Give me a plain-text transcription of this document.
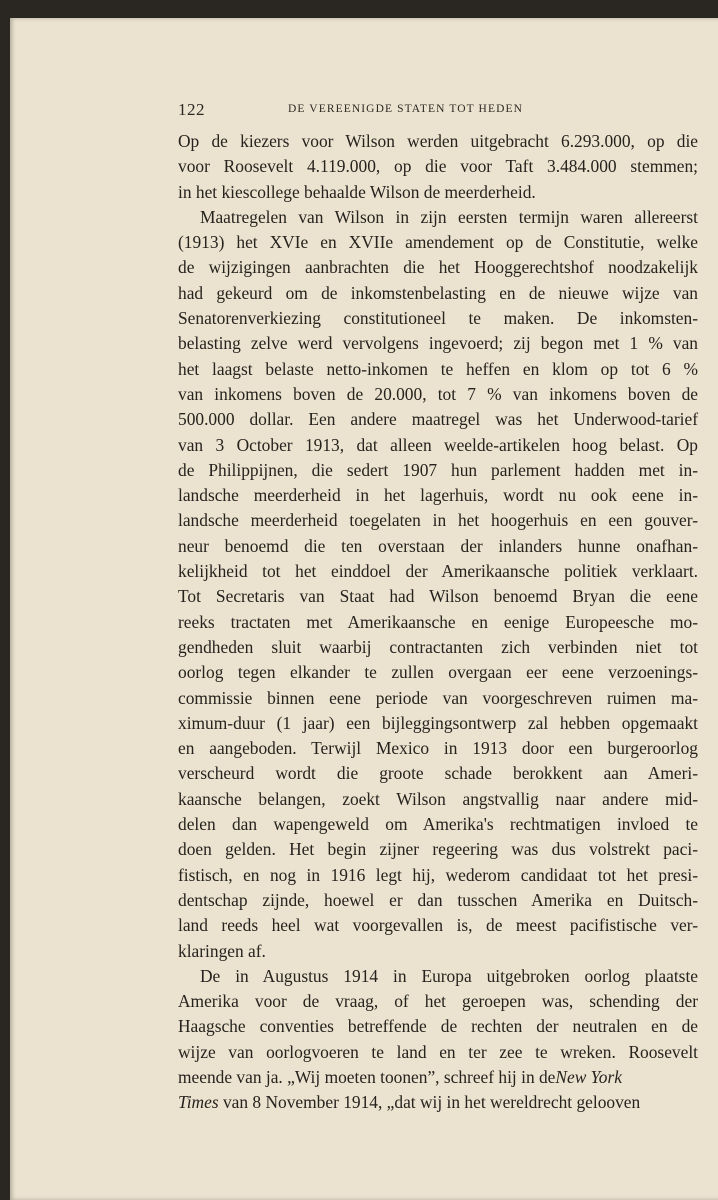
122	DE VEREENIGDE STATEN TOT HEDEN
Op de kiezers voor Wilson werden uitgebracht 6.293.000, op die
voor Roosevelt 4.119.000, op die voor Taft 3.484.000 stemmen;
in het kiescollege behaalde Wilson de meerderheid.
Maatregelen van Wilson in zijn eersten termijn waren allereerst
(1913) het XVIe en XVIIe amendement op de Constitutie, welke
de wijzigingen aanbrachten die het Hooggerechtshof noodzakelijk
had gekeurd om de inkomstenbelasting en de nieuwe wijze van
Senatorenverkiezing constitutioneel te maken. De inkomsten-
belasting zelve werd vervolgens ingevoerd; zij begon met 1 % van
het laagst belaste netto-inkomen te heffen en klom op tot 6 %
van inkomens boven de 20.000, tot 7 % van inkomens boven de
500.000 dollar. Een andere maatregel was het Underwood-tarief
van 3 October 1913, dat alleen weelde-artikelen hoog belast. Op
de Philippijnen, die sedert 1907 hun parlement hadden met in-
landsche meerderheid in het lagerhuis, wordt nu ook eene in-
landsche meerderheid toegelaten in het hoogerhuis en een gouver-
neur benoemd die ten overstaan der inlanders hunne onafhan-
kelijkheid tot het einddoel der Amerikaansche politiek verklaart.
Tot Secretaris van Staat had Wilson benoemd Bryan die eene
reeks tractaten met Amerikaansche en eenige Europeesche mo-
gendheden sluit waarbij contractanten zich verbinden niet tot
oorlog tegen elkander te zullen overgaan eer eene verzoenings-
commissie binnen eene periode van voorgeschreven ruimen ma-
ximum-duur (1 jaar) een bijleggingsontwerp zal hebben opgemaakt
en aangeboden. Terwijl Mexico in 1913 door een burgeroorlog
verscheurd wordt die groote schade berokkent aan Ameri-
kaansche belangen, zoekt Wilson angstvallig naar andere mid-
delen dan wapengeweld om Amerika's rechtmatigen invloed te
doen gelden. Het begin zijner regeering was dus volstrekt paci-
fistisch, en nog in 1916 legt hij, wederom candidaat tot het presi-
dentschap zijnde, hoewel er dan tusschen Amerika en Duitsch-
land reeds heel wat voorgevallen is, de meest pacifistische ver-
klaringen af.
De in Augustus 1914 in Europa uitgebroken oorlog plaatste
Amerika voor de vraag, of het geroepen was, schending der
Haagsche conventies betreffende de rechten der neutralen en de
wijze van oorlogvoeren te land en ter zee te wreken. Roosevelt
meende van ja. „Wij moeten toonen”, schreef hij in deNew York
Times van 8 November 1914, „dat wij in het wereldrecht gelooven
